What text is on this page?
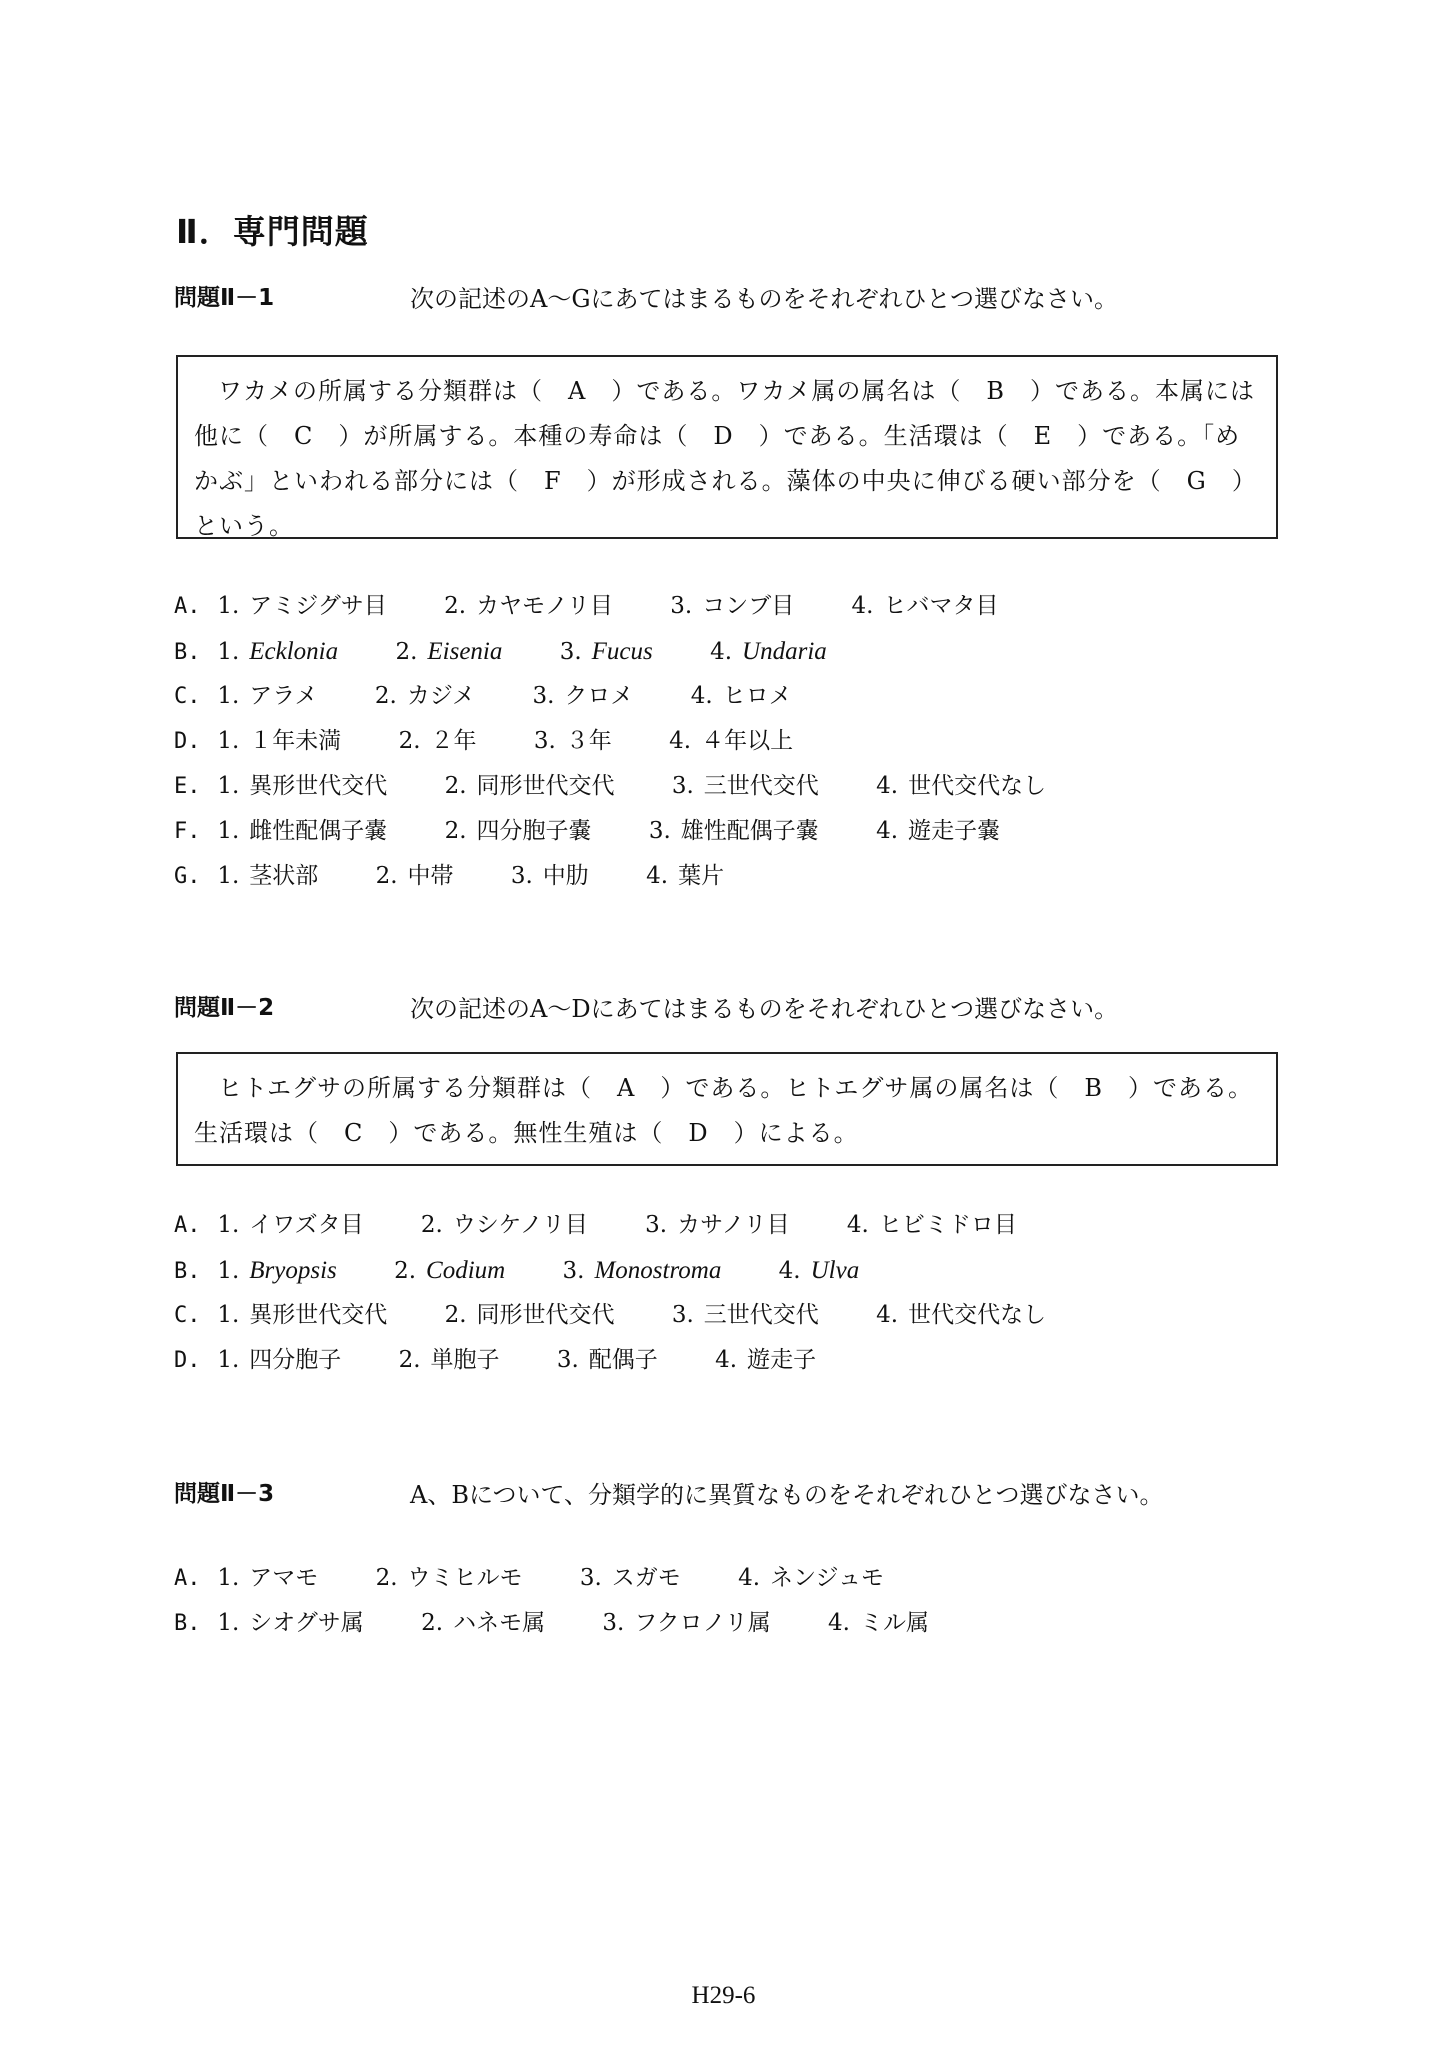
Ⅱ．専門問題
問題Ⅱ－1	次の記述のA～Gにあてはまるものをそれぞれひとつ選びなさい。

ワカメの所属する分類群は（　A　）である。ワカメ属の属名は（　B　）である。本属には他に（　C　）が所属する。本種の寿命は（　D　）である。生活環は（　E　）である。「めかぶ」といわれる部分には（　F　）が形成される。藻体の中央に伸びる硬い部分を（　G　）という。

A. 1. アミジグサ目 2. カヤモノリ目 3. コンブ目 4. ヒバマタ目
B. 1. Ecklonia 2. Eisenia 3. Fucus 4. Undaria
C. 1. アラメ 2. カジメ 3. クロメ 4. ヒロメ
D. 1. １年未満 2. ２年 3. ３年 4. ４年以上
E. 1. 異形世代交代 2. 同形世代交代 3. 三世代交代 4. 世代交代なし
F. 1. 雌性配偶子嚢 2. 四分胞子嚢 3. 雄性配偶子嚢 4. 遊走子嚢
G. 1. 茎状部 2. 中帯 3. 中肋 4. 葉片
問題Ⅱ－2	次の記述のA～Dにあてはまるものをそれぞれひとつ選びなさい。

ヒトエグサの所属する分類群は（　A　）である。ヒトエグサ属の属名は（　B　）である。生活環は（　C　）である。無性生殖は（　D　）による。

A. 1. イワズタ目 2. ウシケノリ目 3. カサノリ目 4. ヒビミドロ目
B. 1. Bryopsis 2. Codium 3. Monostroma 4. Ulva
C. 1. 異形世代交代 2. 同形世代交代 3. 三世代交代 4. 世代交代なし
D. 1. 四分胞子 2. 単胞子 3. 配偶子 4. 遊走子
問題Ⅱ－3	A、Bについて、分類学的に異質なものをそれぞれひとつ選びなさい。
A. 1. アマモ 2. ウミヒルモ 3. スガモ 4. ネンジュモ
B. 1. シオグサ属 2. ハネモ属 3. フクロノリ属 4. ミル属
H29-6
